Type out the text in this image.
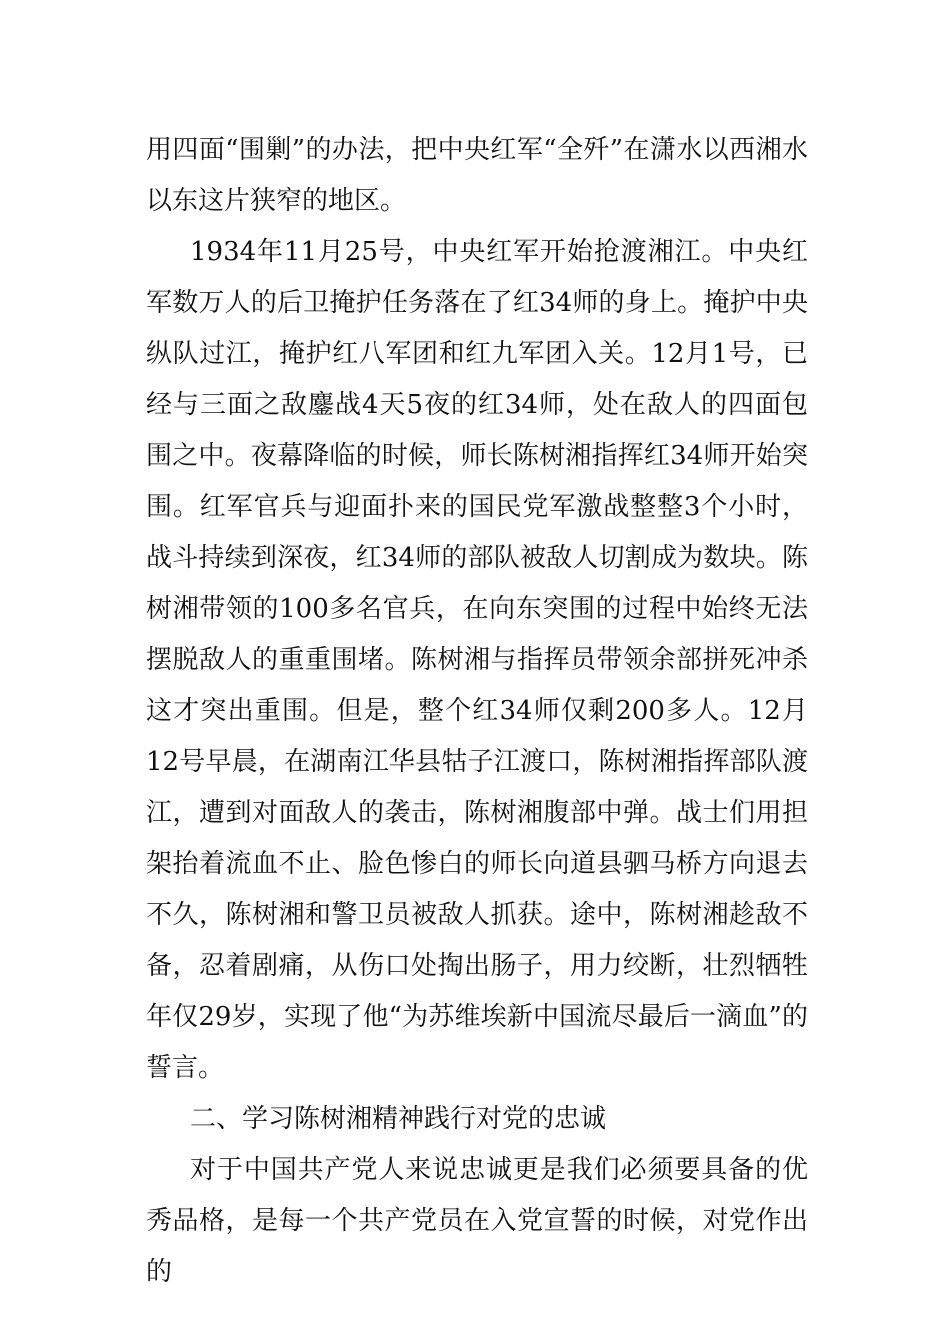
用四面“围剿”的办法，把中央红军“全歼”在潇水以西湘水以东这片狭窄的地区。

1934年11月25号，中央红军开始抢渡湘江。中央红军数万人的后卫掩护任务落在了红34师的身上。掩护中央纵队过江，掩护红八军团和红九军团入关。12月1号，已经与三面之敌鏖战4天5夜的红34师，处在敌人的四面包围之中。夜幕降临的时候，师长陈树湘指挥红34师开始突围。红军官兵与迎面扑来的国民党军激战整整3个小时，战斗持续到深夜，红34师的部队被敌人切割成为数块。陈树湘带领的100多名官兵，在向东突围的过程中始终无法摆脱敌人的重重围堵。陈树湘与指挥员带领余部拼死冲杀这才突出重围。但是，整个红34师仅剩200多人。12月12号早晨，在湖南江华县牯子江渡口，陈树湘指挥部队渡江，遭到对面敌人的袭击，陈树湘腹部中弹。战士们用担架抬着流血不止、脸色惨白的师长向道县驷马桥方向退去不久，陈树湘和警卫员被敌人抓获。途中，陈树湘趁敌不备，忍着剧痛，从伤口处掏出肠子，用力绞断，壮烈牺牲年仅29岁，实现了他“为苏维埃新中国流尽最后一滴血”的誓言。

二、学习陈树湘精神践行对党的忠诚

对于中国共产党人来说忠诚更是我们必须要具备的优秀品格，是每一个共产党员在入党宣誓的时候，对党作出的
